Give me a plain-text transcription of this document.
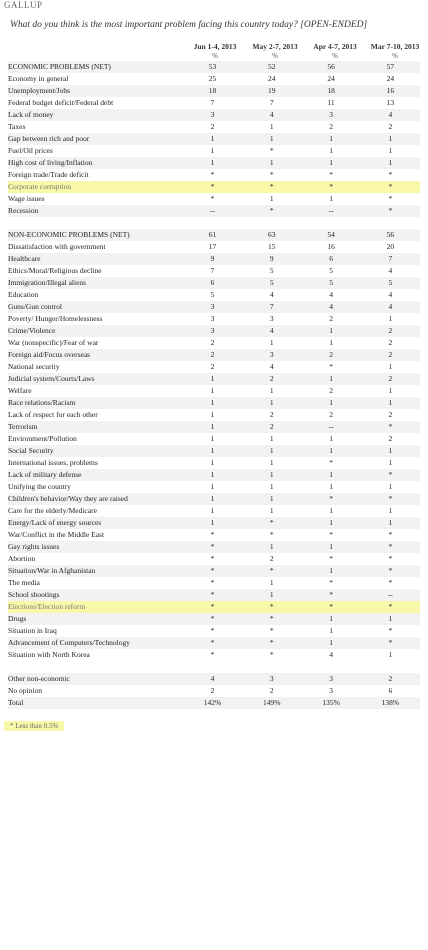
GALLUP
What do you think is the most important problem facing this country today? [OPEN-ENDED]
Jun 1-4, 2013	May 2-7, 2013	Apr 4-7, 2013	Mar 7-10, 2013
%	%	%	%
ECONOMIC PROBLEMS (NET)	53	52	56	57
Economy in general	25	24	24	24
Unemployment/Jobs	18	19	18	16
Federal budget deficit/Federal debt	7	7	11	13
Lack of money	3	4	3	4
Taxes	2	1	2	2
Gap between rich and poor	1	1	1	1
Fuel/Oil prices	1	*	1	1
High cost of living/Inflation	1	1	1	1
Foreign trade/Trade deficit	*	*	*	*
Corporate corruption	*	*	*	*
Wage issues	*	1	1	*
Recession	--	*	--	*
NON-ECONOMIC PROBLEMS (NET)	61	63	54	56
Dissatisfaction with government	17	15	16	20
Healthcare	9	9	6	7
Ethics/Moral/Religious decline	7	5	5	4
Immigration/Illegal aliens	6	5	5	5
Education	5	4	4	4
Guns/Gun control	3	7	4	4
Poverty/ Hunger/Homelessness	3	3	2	1
Crime/Violence	3	4	1	2
War (nonspecific)/Fear of war	2	1	1	2
Foreign aid/Focus overseas	2	3	2	2
National security	2	4	*	1
Judicial system/Courts/Laws	1	2	1	2
Welfare	1	1	2	1
Race relations/Racism	1	1	1	1
Lack of respect for each other	1	2	2	2
Terrorism	1	2	--	*
Environment/Pollution	1	1	1	2
Social Security	1	1	1	1
International issues, problems	1	1	*	1
Lack of military defense	1	1	1	*
Unifying the country	1	1	1	1
Children's behavior/Way they are raised	1	1	*	*
Care for the elderly/Medicare	1	1	1	1
Energy/Lack of energy sources	1	*	1	1
War/Conflict in the Middle East	*	*	*	*
Gay rights issues	*	1	1	*
Abortion	*	2	*	*
Situation/War in Afghanistan	*	*	1	*
The media	*	1	*	*
School shootings	*	1	*	--
Elections/Election reform	*	*	*	*
Drugs	*	*	1	1
Situation in Iraq	*	*	1	*
Advancement of Computers/Technology	*	*	1	*
Situation with North Korea	*	*	4	1
Other non-economic	4	3	3	2
No opinion	2	2	3	6
Total	142%	149%	135%	138%
* Less than 0.5%
